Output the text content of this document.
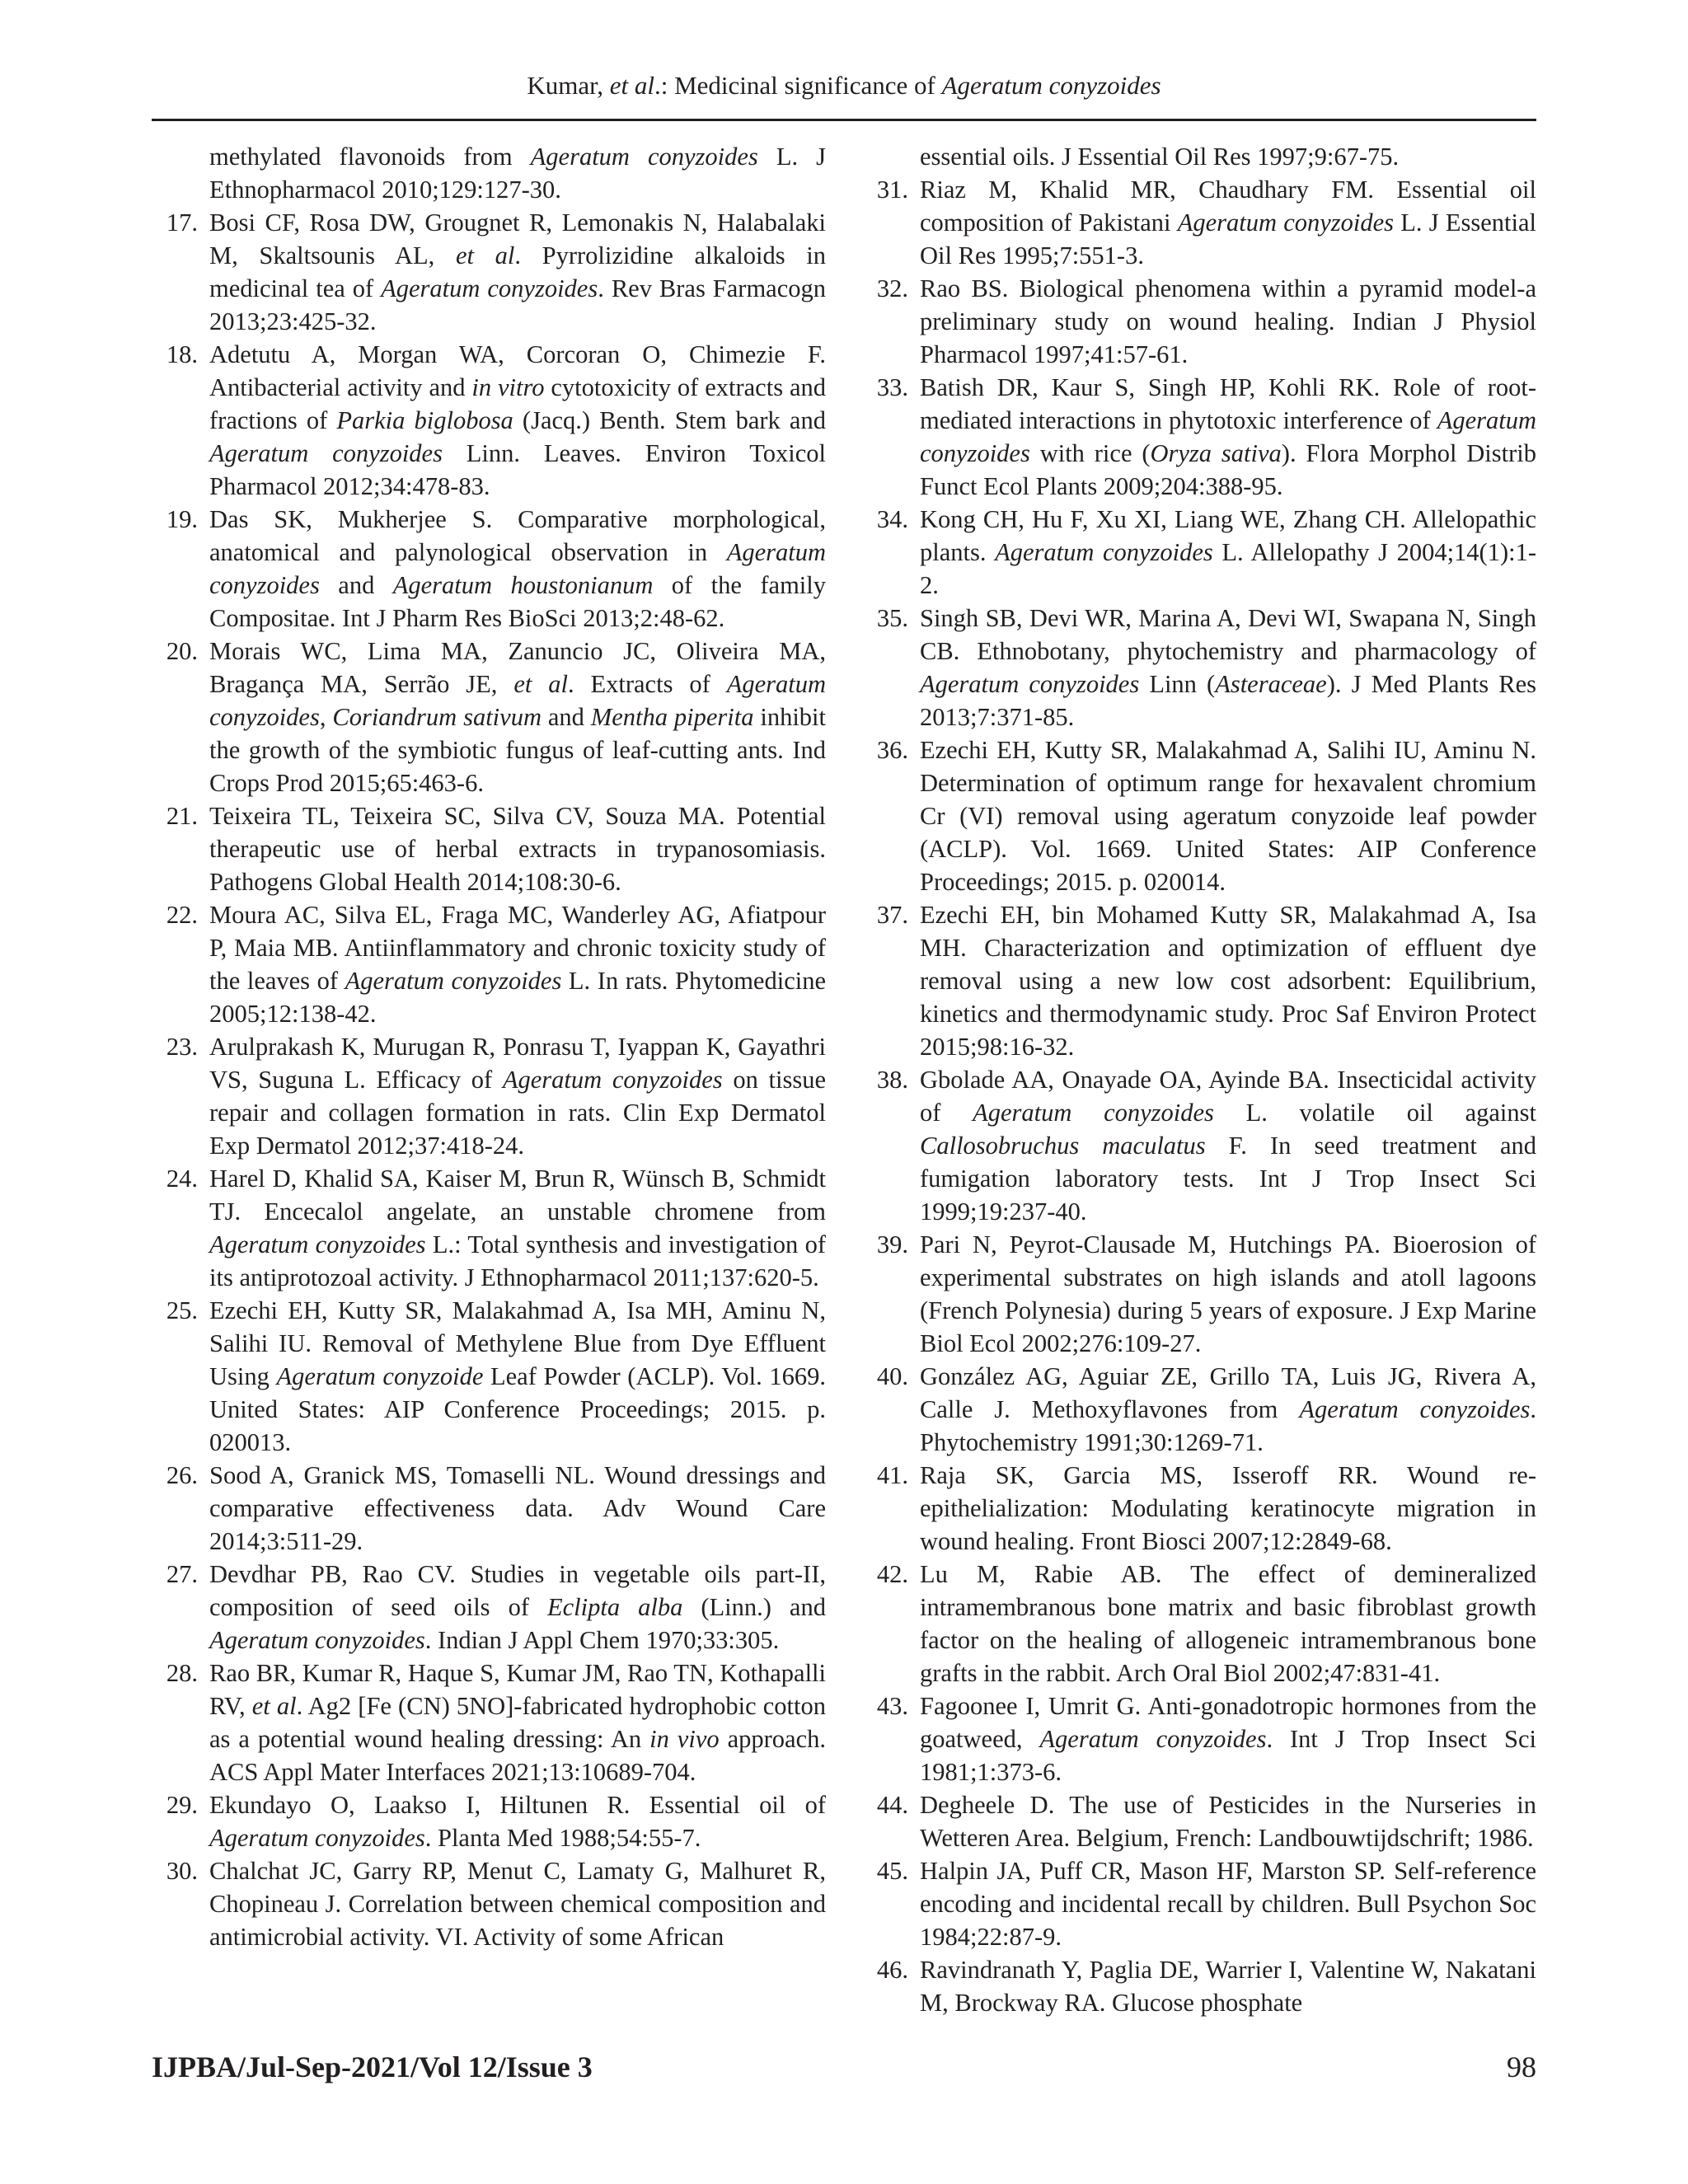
Kumar, et al.: Medicinal significance of Ageratum conyzoides
methylated flavonoids from Ageratum conyzoides L. J Ethnopharmacol 2010;129:127-30.
17. Bosi CF, Rosa DW, Grougnet R, Lemonakis N, Halabalaki M, Skaltsounis AL, et al. Pyrrolizidine alkaloids in medicinal tea of Ageratum conyzoides. Rev Bras Farmacogn 2013;23:425-32.
18. Adetutu A, Morgan WA, Corcoran O, Chimezie F. Antibacterial activity and in vitro cytotoxicity of extracts and fractions of Parkia biglobosa (Jacq.) Benth. Stem bark and Ageratum conyzoides Linn. Leaves. Environ Toxicol Pharmacol 2012;34:478-83.
19. Das SK, Mukherjee S. Comparative morphological, anatomical and palynological observation in Ageratum conyzoides and Ageratum houstonianum of the family Compositae. Int J Pharm Res BioSci 2013;2:48-62.
20. Morais WC, Lima MA, Zanuncio JC, Oliveira MA, Bragança MA, Serrão JE, et al. Extracts of Ageratum conyzoides, Coriandrum sativum and Mentha piperita inhibit the growth of the symbiotic fungus of leaf-cutting ants. Ind Crops Prod 2015;65:463-6.
21. Teixeira TL, Teixeira SC, Silva CV, Souza MA. Potential therapeutic use of herbal extracts in trypanosomiasis. Pathogens Global Health 2014;108:30-6.
22. Moura AC, Silva EL, Fraga MC, Wanderley AG, Afiatpour P, Maia MB. Antiinflammatory and chronic toxicity study of the leaves of Ageratum conyzoides L. In rats. Phytomedicine 2005;12:138-42.
23. Arulprakash K, Murugan R, Ponrasu T, Iyappan K, Gayathri VS, Suguna L. Efficacy of Ageratum conyzoides on tissue repair and collagen formation in rats. Clin Exp Dermatol Exp Dermatol 2012;37:418-24.
24. Harel D, Khalid SA, Kaiser M, Brun R, Wünsch B, Schmidt TJ. Encecalol angelate, an unstable chromene from Ageratum conyzoides L.: Total synthesis and investigation of its antiprotozoal activity. J Ethnopharmacol 2011;137:620-5.
25. Ezechi EH, Kutty SR, Malakahmad A, Isa MH, Aminu N, Salihi IU. Removal of Methylene Blue from Dye Effluent Using Ageratum conyzoide Leaf Powder (ACLP). Vol. 1669. United States: AIP Conference Proceedings; 2015. p. 020013.
26. Sood A, Granick MS, Tomaselli NL. Wound dressings and comparative effectiveness data. Adv Wound Care 2014;3:511-29.
27. Devdhar PB, Rao CV. Studies in vegetable oils part-II, composition of seed oils of Eclipta alba (Linn.) and Ageratum conyzoides. Indian J Appl Chem 1970;33:305.
28. Rao BR, Kumar R, Haque S, Kumar JM, Rao TN, Kothapalli RV, et al. Ag2 [Fe (CN) 5NO]-fabricated hydrophobic cotton as a potential wound healing dressing: An in vivo approach. ACS Appl Mater Interfaces 2021;13:10689-704.
29. Ekundayo O, Laakso I, Hiltunen R. Essential oil of Ageratum conyzoides. Planta Med 1988;54:55-7.
30. Chalchat JC, Garry RP, Menut C, Lamaty G, Malhuret R, Chopineau J. Correlation between chemical composition and antimicrobial activity. VI. Activity of some African
essential oils. J Essential Oil Res 1997;9:67-75.
31. Riaz M, Khalid MR, Chaudhary FM. Essential oil composition of Pakistani Ageratum conyzoides L. J Essential Oil Res 1995;7:551-3.
32. Rao BS. Biological phenomena within a pyramid model-a preliminary study on wound healing. Indian J Physiol Pharmacol 1997;41:57-61.
33. Batish DR, Kaur S, Singh HP, Kohli RK. Role of root-mediated interactions in phytotoxic interference of Ageratum conyzoides with rice (Oryza sativa). Flora Morphol Distrib Funct Ecol Plants 2009;204:388-95.
34. Kong CH, Hu F, Xu XI, Liang WE, Zhang CH. Allelopathic plants. Ageratum conyzoides L. Allelopathy J 2004;14(1):1-2.
35. Singh SB, Devi WR, Marina A, Devi WI, Swapana N, Singh CB. Ethnobotany, phytochemistry and pharmacology of Ageratum conyzoides Linn (Asteraceae). J Med Plants Res 2013;7:371-85.
36. Ezechi EH, Kutty SR, Malakahmad A, Salihi IU, Aminu N. Determination of optimum range for hexavalent chromium Cr (VI) removal using ageratum conyzoide leaf powder (ACLP). Vol. 1669. United States: AIP Conference Proceedings; 2015. p. 020014.
37. Ezechi EH, bin Mohamed Kutty SR, Malakahmad A, Isa MH. Characterization and optimization of effluent dye removal using a new low cost adsorbent: Equilibrium, kinetics and thermodynamic study. Proc Saf Environ Protect 2015;98:16-32.
38. Gbolade AA, Onayade OA, Ayinde BA. Insecticidal activity of Ageratum conyzoides L. volatile oil against Callosobruchus maculatus F. In seed treatment and fumigation laboratory tests. Int J Trop Insect Sci 1999;19:237-40.
39. Pari N, Peyrot-Clausade M, Hutchings PA. Bioerosion of experimental substrates on high islands and atoll lagoons (French Polynesia) during 5 years of exposure. J Exp Marine Biol Ecol 2002;276:109-27.
40. González AG, Aguiar ZE, Grillo TA, Luis JG, Rivera A, Calle J. Methoxyflavones from Ageratum conyzoides. Phytochemistry 1991;30:1269-71.
41. Raja SK, Garcia MS, Isseroff RR. Wound re-epithelialization: Modulating keratinocyte migration in wound healing. Front Biosci 2007;12:2849-68.
42. Lu M, Rabie AB. The effect of demineralized intramembranous bone matrix and basic fibroblast growth factor on the healing of allogeneic intramembranous bone grafts in the rabbit. Arch Oral Biol 2002;47:831-41.
43. Fagoonee I, Umrit G. Anti-gonadotropic hormones from the goatweed, Ageratum conyzoides. Int J Trop Insect Sci 1981;1:373-6.
44. Degheele D. The use of Pesticides in the Nurseries in Wetteren Area. Belgium, French: Landbouwtijdschrift; 1986.
45. Halpin JA, Puff CR, Mason HF, Marston SP. Self-reference encoding and incidental recall by children. Bull Psychon Soc 1984;22:87-9.
46. Ravindranath Y, Paglia DE, Warrier I, Valentine W, Nakatani M, Brockway RA. Glucose phosphate
IJPBA/Jul-Sep-2021/Vol 12/Issue 3	98
